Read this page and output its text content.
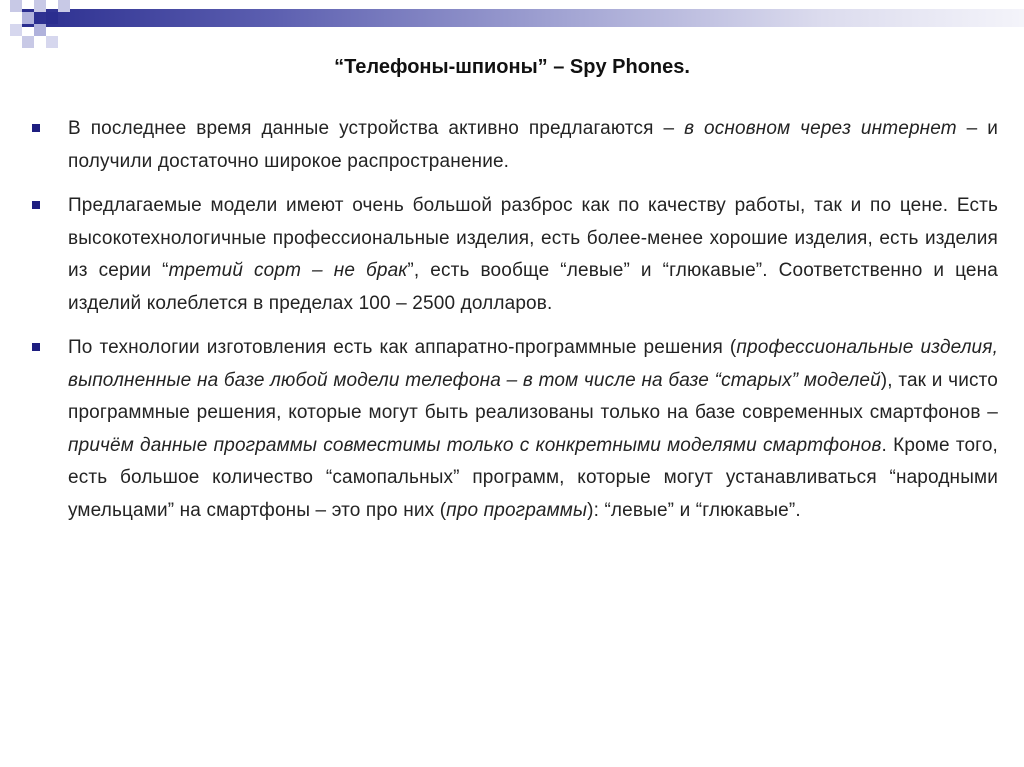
“Телефоны-шпионы” – Spy Phones.
В последнее время данные устройства активно предлагаются – в основном через интернет – и получили достаточно широкое распространение.
Предлагаемые модели имеют очень большой разброс как по качеству работы, так и по цене. Есть высокотехнологичные профессиональные изделия, есть более-менее хорошие изделия, есть изделия из серии “третий сорт – не брак”, есть вообще “левые” и “глюкавые”. Соответственно и цена изделий колеблется в пределах 100 – 2500 долларов.
По технологии изготовления есть как аппаратно-программные решения (профессиональные изделия, выполненные на базе любой модели телефона – в том числе на базе “старых” моделей), так и чисто программные решения, которые могут быть реализованы только на базе современных смартфонов – причём данные программы совместимы только с конкретными моделями смартфонов. Кроме того, есть большое количество “самопальных” программ, которые могут устанавливаться “народными умельцами” на смартфоны – это про них (про программы): “левые” и “глюкавые”.
